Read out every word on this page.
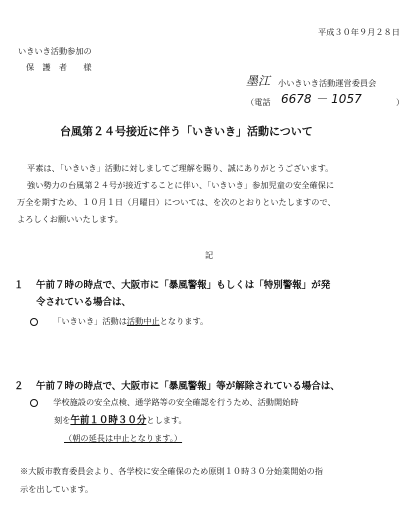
平成３０年９月２８日
いきいき活動参加の
保　護　者　　様
墨江 小いきいき活動運営委員会
（電話 6678 － 1057	）
台風第２４号接近に伴う「いきいき」活動について
平素は、「いきいき」活動に対しましてご理解を賜り、誠にありがとうございます。
強い勢力の台風第２４号が接近することに伴い、「いきいき」参加児童の安全確保に
万全を期すため、１０月１日（月曜日）については、を次のとおりといたしますので、
よろしくお願いいたします。
記
１ 午前７時の時点で、大阪市に「暴風警報」もしくは「特別警報」が発
令されている場合は、
「いきいき」活動は活動中止となります。
２ 午前７時の時点で、大阪市に「暴風警報」等が解除されている場合は、
学校施設の安全点検、通学路等の安全確認を行うため、活動開始時
刻を午前１０時３０分とします。
（朝の延長は中止となります。）
※大阪市教育委員会より、各学校に安全確保のため原則１０時３０分始業開始の指
示を出しています。
